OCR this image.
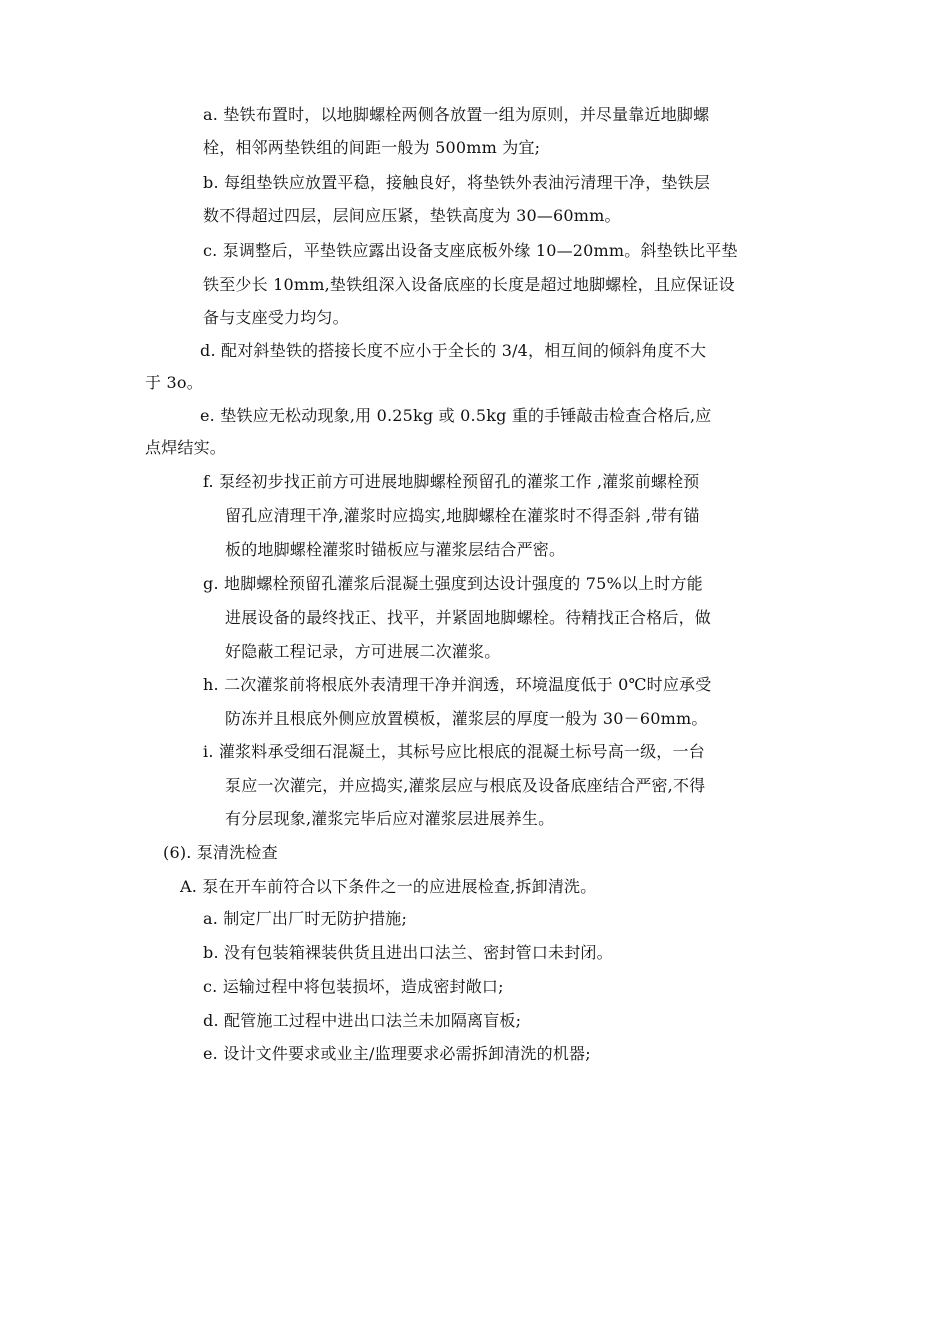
a. 垫铁布置时，以地脚螺栓两侧各放置一组为原则，并尽量靠近地脚螺
栓，相邻两垫铁组的间距一般为 500mm 为宜;
b. 每组垫铁应放置平稳，接触良好，将垫铁外表油污清理干净，垫铁层
数不得超过四层，层间应压紧，垫铁高度为 30—60mm。
c. 泵调整后，平垫铁应露出设备支座底板外缘 10—20mm。斜垫铁比平垫
铁至少长 10mm,垫铁组深入设备底座的长度是超过地脚螺栓，且应保证设
备与支座受力均匀。
d. 配对斜垫铁的搭接长度不应小于全长的 3/4，相互间的倾斜角度不大
于 3o。
e. 垫铁应无松动现象,用 0.25kg 或 0.5kg 重的手锤敲击检查合格后,应
点焊结实。
f. 泵经初步找正前方可进展地脚螺栓预留孔的灌浆工作 ,灌浆前螺栓预
留孔应清理干净,灌浆时应捣实,地脚螺栓在灌浆时不得歪斜 ,带有锚
板的地脚螺栓灌浆时锚板应与灌浆层结合严密。
g. 地脚螺栓预留孔灌浆后混凝土强度到达设计强度的 75%以上时方能
进展设备的最终找正、找平，并紧固地脚螺栓。待精找正合格后，做
好隐蔽工程记录，方可进展二次灌浆。
h. 二次灌浆前将根底外表清理干净并润透，环境温度低于 0℃时应承受
防冻并且根底外侧应放置模板，灌浆层的厚度一般为 30－60mm。
i. 灌浆料承受细石混凝土，其标号应比根底的混凝土标号高一级，一台
泵应一次灌完，并应捣实,灌浆层应与根底及设备底座结合严密,不得
有分层现象,灌浆完毕后应对灌浆层进展养生。
(6). 泵清洗检查
A. 泵在开车前符合以下条件之一的应进展检查,拆卸清洗。
a. 制定厂出厂时无防护措施;
b. 没有包装箱裸装供货且进出口法兰、密封管口未封闭。
c. 运输过程中将包装损坏，造成密封敞口;
d. 配管施工过程中进出口法兰未加隔离盲板;
e. 设计文件要求或业主/监理要求必需拆卸清洗的机器;
